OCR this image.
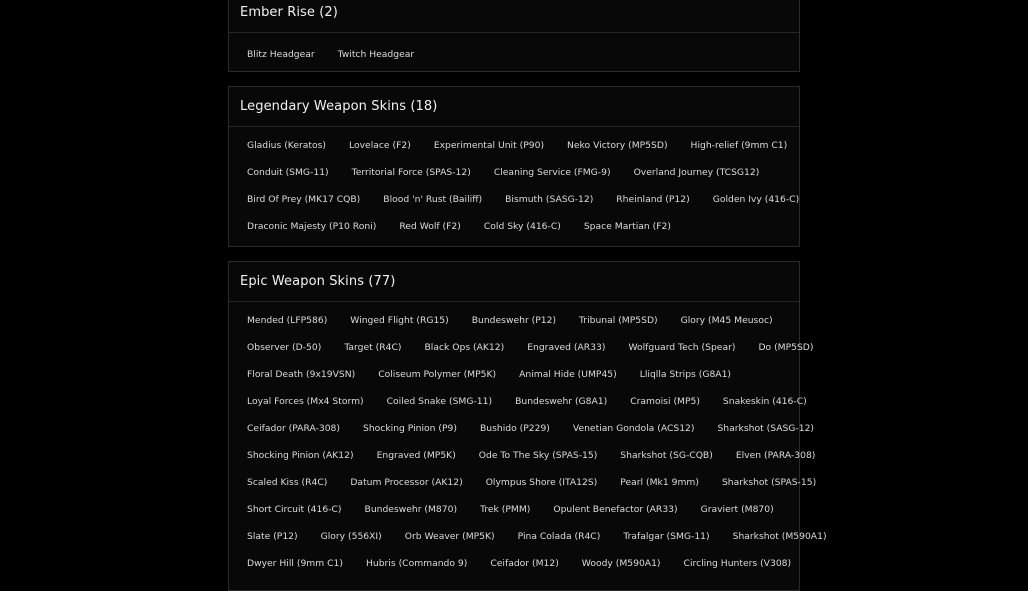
Ember Rise (2)
Blitz Headgear	Twitch Headgear
Legendary Weapon Skins (18)
Gladius (Keratos)	Lovelace (F2)	Experimental Unit (P90)	Neko Victory (MP5SD)	High-relief (9mm C1)
Conduit (SMG-11)	Territorial Force (SPAS-12)	Cleaning Service (FMG-9)	Overland Journey (TCSG12)
Bird Of Prey (MK17 CQB)	Blood 'n' Rust (Bailiff)	Bismuth (SASG-12)	Rheinland (P12)	Golden Ivy (416-C)
Draconic Majesty (P10 Roni)	Red Wolf (F2)	Cold Sky (416-C)	Space Martian (F2)
Epic Weapon Skins (77)
Mended (LFP586)	Winged Flight (RG15)	Bundeswehr (P12)	Tribunal (MP5SD)	Glory (M45 Meusoc)
Observer (D-50)	Target (R4C)	Black Ops (AK12)	Engraved (AR33)	Wolfguard Tech (Spear)	Do (MP5SD)
Floral Death (9x19VSN)	Coliseum Polymer (MP5K)	Animal Hide (UMP45)	Lliqlla Strips (G8A1)
Loyal Forces (Mx4 Storm)	Coiled Snake (SMG-11)	Bundeswehr (G8A1)	Cramoisi (MP5)	Snakeskin (416-C)
Ceifador (PARA-308)	Shocking Pinion (P9)	Bushido (P229)	Venetian Gondola (ACS12)	Sharkshot (SASG-12)
Shocking Pinion (AK12)	Engraved (MP5K)	Ode To The Sky (SPAS-15)	Sharkshot (SG-CQB)	Elven (PARA-308)
Scaled Kiss (R4C)	Datum Processor (AK12)	Olympus Shore (ITA12S)	Pearl (Mk1 9mm)	Sharkshot (SPAS-15)
Short Circuit (416-C)	Bundeswehr (M870)	Trek (PMM)	Opulent Benefactor (AR33)	Graviert (M870)
Slate (P12)	Glory (556XI)	Orb Weaver (MP5K)	Pina Colada (R4C)	Trafalgar (SMG-11)	Sharkshot (M590A1)
Dwyer Hill (9mm C1)	Hubris (Commando 9)	Ceifador (M12)	Woody (M590A1)	Circling Hunters (V308)
